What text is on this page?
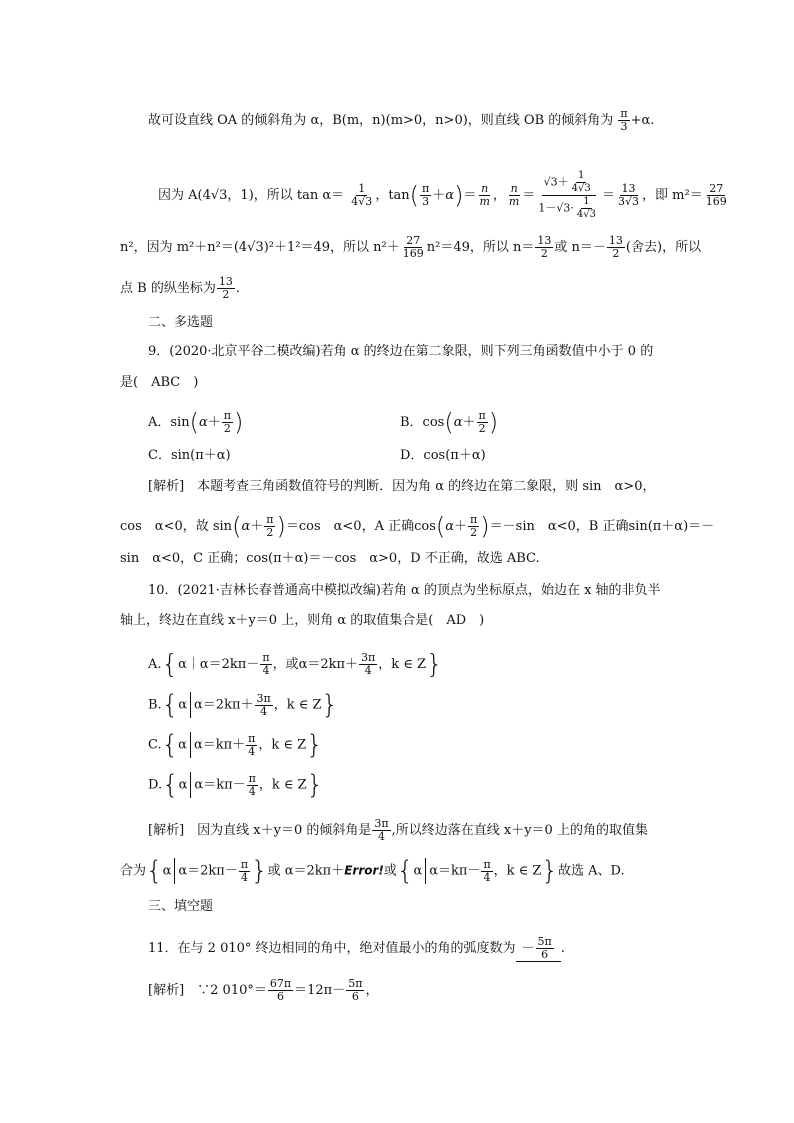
故可设直线 OA 的倾斜角为 α，B(m，n)(m>0，n>0)，则直线 OB 的倾斜角为 $\frac{\pi}{3} +\alpha$.
因为 A(4√3，1)，所以 $\tan \alpha= \frac{1}{4√3}$ ，$\tan( \frac{\pi}{3} +\alpha)= \frac{n}{m}$ ， $\frac{n}{m} = \frac{√3+ \frac{1}{4√3}}{1-√3\cdot \frac{1}{4√3}} = \frac{13}{3√3}$ ，即 $m^2= \frac{27}{169}$
n²，因为 m²＋n²＝(4√3)²＋1²＝49，所以 $n^2+ \frac{27}{169} n^2=49$，所以 $n= \frac{13}{2}$ 或 $n=- \frac{13}{2}$ (舍去)，所以
点 B 的纵坐标为 $\frac{13}{2}$ .
二、多选题
9．(2020·北京平谷二模改编)若角 α 的终边在第二象限，则下列三角函数值中小于 0 的
是(　ABC　)
A．$\sin(\alpha+ \frac{\pi}{2}$ )	B．$\cos(\alpha+ \frac{\pi}{2}$ )
C．sin(π＋α)	D．cos(π＋α)
[解析]　本题考查三角函数值符号的判断．因为角 α 的终边在第二象限，则 sin　α>0，
cos　α<0，故 $\sin(\alpha+ \frac{\pi}{2} )=\cos$　α<0，A 正确$\cos(\alpha+ \frac{\pi}{2} )=-\sin$　α<0，B 正确sin(π＋α)＝－
sin　α<0，C 正确；cos(π＋α)＝－cos　α>0，D 不正确，故选 ABC.
10．(2021·吉林长春普通高中模拟改编)若角 α 的顶点为坐标原点，始边在 x 轴的非负半
轴上，终边在直线 x＋y＝0 上，则角 α 的取值集合是(　AD　)
A.{α｜α＝2kπ－ $\frac{\pi}{4}$ ，或$\alpha=2k\pi+ \frac{3\pi}{4}$ ，k ∈ Z}
B.{α $\alpha=2k\pi+ \frac{3\pi}{4}$ ，k ∈ Z}
C.{α $\alpha=k\pi+ \frac{\pi}{4}$ ，k ∈ Z}
D.{α $\alpha=k\pi- \frac{\pi}{4}$ ，k ∈ Z}
[解析]　因为直线 x＋y＝0 的倾斜角是 $\frac{3\pi}{4}$ ,所以终边落在直线 x＋y＝0 上的角的取值集
合为{α $\alpha=2k\pi- \frac{\pi}{4}$ }或 α＝2kπ＋Error!或{α $\alpha=k\pi- \frac{\pi}{4}$ ，k ∈ Z}故选 A、D.
三、填空题
11．在与 2 010° 终边相同的角中，绝对值最小的角的弧度数为 － $\frac{5\pi}{6}$ .
[解析]　∵2 $010^\circ= \frac{67\pi}{6} =12\pi- \frac{5\pi}{6}$ ，
